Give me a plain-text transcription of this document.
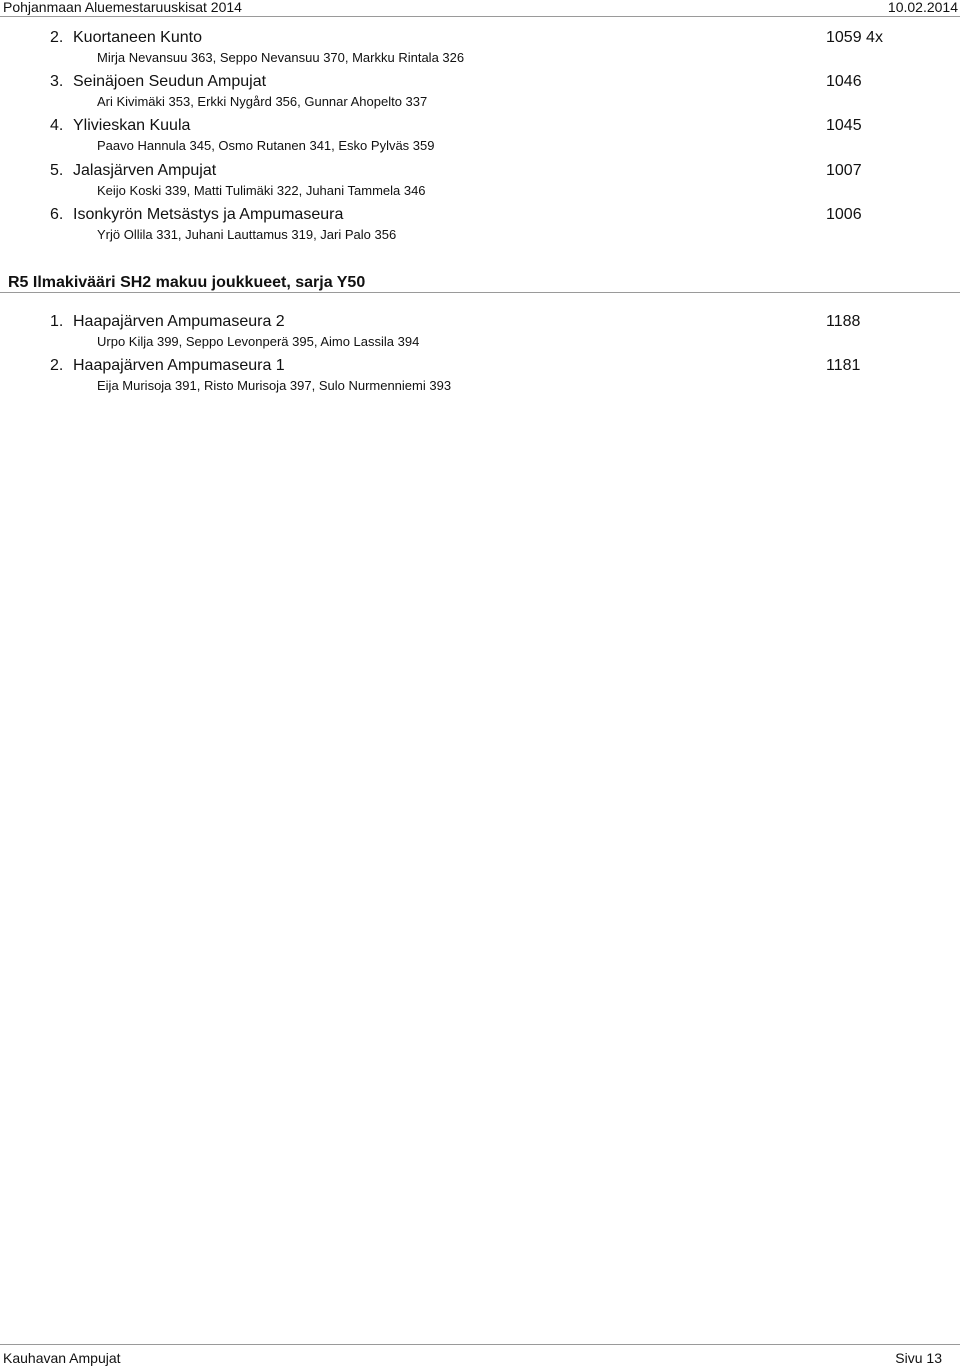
Pohjanmaan Aluemestaruuskisat 2014	10.02.2014
2. Kuortaneen Kunto	1059 4x
Mirja Nevansuu 363, Seppo Nevansuu 370, Markku Rintala 326
3. Seinäjoen Seudun Ampujat	1046
Ari Kivimäki 353, Erkki Nygård 356, Gunnar Ahopelto 337
4. Ylivieskan Kuula	1045
Paavo Hannula 345, Osmo Rutanen 341, Esko Pylväs 359
5. Jalasjärven Ampujat	1007
Keijo Koski 339, Matti Tulimäki 322, Juhani Tammela 346
6. Isonkyrön Metsästys ja Ampumaseura	1006
Yrjö Ollila 331, Juhani Lauttamus 319, Jari Palo 356
R5 Ilmakivääri SH2 makuu joukkueet, sarja Y50
1. Haapajärven Ampumaseura 2	1188
Urpo Kilja 399, Seppo Levonperä 395, Aimo Lassila 394
2. Haapajärven Ampumaseura 1	1181
Eija Murisoja 391, Risto Murisoja 397, Sulo Nurmenniemi 393
Kauhavan Ampujat	Sivu 13
